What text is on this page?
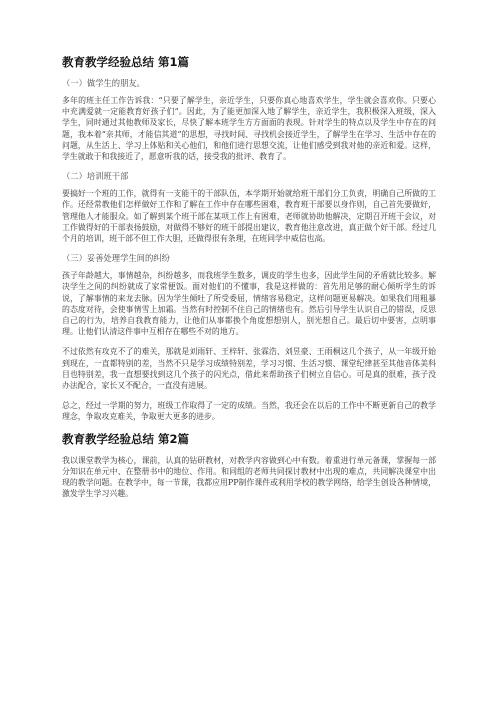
教育教学经验总结 第1篇
（一）做学生的朋友。

多年的班主任工作告诉我：“只要了解学生，亲近学生，只要你真心地喜欢学生，学生就会喜欢你。只要心中充满爱就一定能教育好孩子们”。因此，为了能更加深入地了解学生，亲近学生，我积极深入班级，深入学生，同时通过其他教师及家长，尽快了解本班学生方方面面的表现。针对学生的特点以及学生中存在的问题，我本着“亲其师，才能信其道”的思想，寻找时间、寻找机会接近学生，了解学生在学习、生活中存在的问题，从生活上、学习上体贴和关心他们，和他们进行思想交流，让他们感受到我对他的亲近和爱。这样，学生就敢于和我接近了，愿意听我的话，接受我的批评、教育了。

（二）培训班干部

要搞好一个班的工作，就得有一支能干的干部队伍，本学期开始就给班干部们分工负责，明确自己所做的工作。还经常教他们怎样做好工作和了解在工作中存在哪些困难，教育班干部要以身作则，自己首先要做好，管理他人才能服众。如了解到某个班干部在某项工作上有困难，老师就协助他解决，定期召开班干会议，对工作做得好的干部表扬鼓励，对做得不够好的班干部提出建议，教育他注意改进，真正做个好干部。经过几个月的培训，班干部不但工作大胆，还做得很有条理，在班同学中威信也高。

（三）妥善处理学生间的纠纷

孩子年龄越大，事情越杂，纠纷越多，而我班学生数多，调皮的学生也多，因此学生间的矛盾就比较多。解决学生之间的纠纷就成了家常便饭。面对他们的不懂事，我是这样做的：首先用足够的耐心倾听学生的诉说，了解事情的来龙去脉。因为学生倾吐了所受委屈，情绪容易稳定，这样问题更易解决。如果我们用粗暴的态度对待，会使事情雪上加霜。当然有时控制不住自己的情绪也有。然后引导学生认识自己的错误，反思自己的行为，培养自我教育能力，让他们从事都换个角度想想别人，别光想自己。最后切中要害，点明事理。让他们认清这件事中互相存在哪些不对的地方。

不过依然有攻克不了的难关，那就是刘雨轩、王梓轩、张霖浩、刘昱豪、王雨桐这几个孩子，从一年级开始到现在，一直都特别的差，当然不只是学习成绩特别差，学习习惯、生活习惯、课堂纪律甚至其他音体美科目也特别差，我一直想要找到这几个孩子的闪光点，借此来帮助孩子们树立自信心。可是真的很难，孩子没办法配合，家长又不配合，一直没有进展。

总之，经过一学期的努力，班级工作取得了一定的成绩。当然，我还会在以后的工作中不断更新自己的教学理念，争取攻克难关，争取更大更多的进步。

教育教学经验总结 第2篇

我以课堂教学为核心，课前，认真的钻研教材，对教学内容做到心中有数。着重进行单元备课，掌握每一部分知识在单元中、在整册书中的地位、作用。和同组的老师共同探讨教材中出现的难点，共同解决课堂中出现的教学问题。在教学中，每一节课，我都应用PP制作课件或利用学校的教学网络，给学生创设各种情境，激发学生学习兴趣。
